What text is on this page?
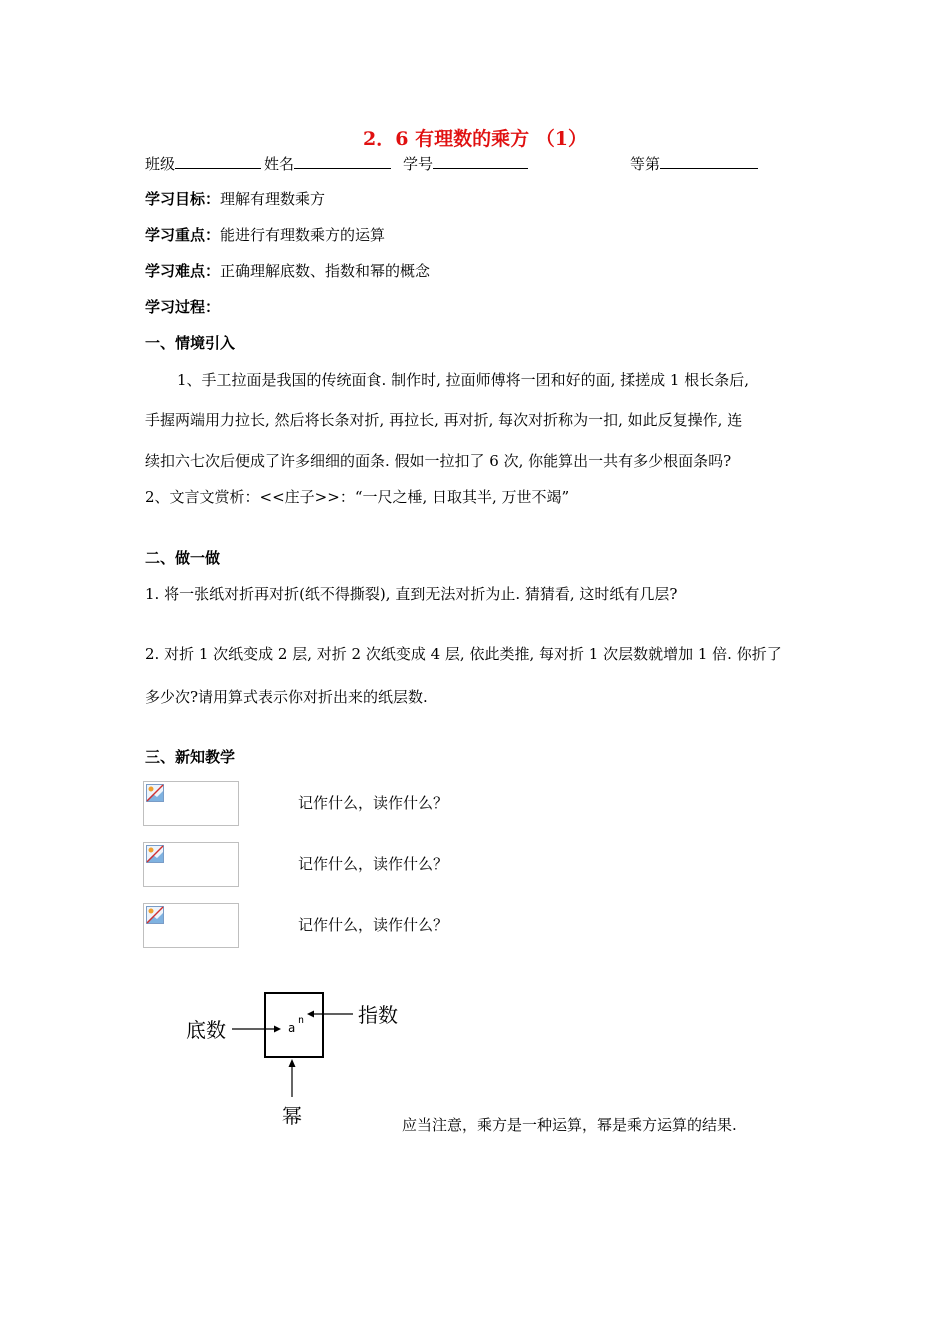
2．6 有理数的乘方 （1）
班级	姓名	学号	等第
学习目标：理解有理数乘方
学习重点：能进行有理数乘方的运算
学习难点：正确理解底数、指数和幂的概念
学习过程：
一、情境引入
1、手工拉面是我国的传统面食. 制作时, 拉面师傅将一团和好的面, 揉搓成 1 根长条后,
手握两端用力拉长, 然后将长条对折, 再拉长, 再对折, 每次对折称为一扣, 如此反复操作, 连
续扣六七次后便成了许多细细的面条. 假如一拉扣了 6 次, 你能算出一共有多少根面条吗?
2、文言文赏析：<<庄子>>：“一尺之棰, 日取其半, 万世不竭”
二、做一做
1. 将一张纸对折再对折(纸不得撕裂), 直到无法对折为止. 猜猜看, 这时纸有几层?
2. 对折 1 次纸变成 2 层, 对折 2 次纸变成 4 层, 依此类推, 每对折 1 次层数就增加 1 倍. 你折了
多少次?请用算式表示你对折出来的纸层数.
三、新知教学
记作什么，读作什么？
记作什么，读作什么？
记作什么，读作什么？
a
n
底数
指数
幂	应当注意，乘方是一种运算，幂是乘方运算的结果.
